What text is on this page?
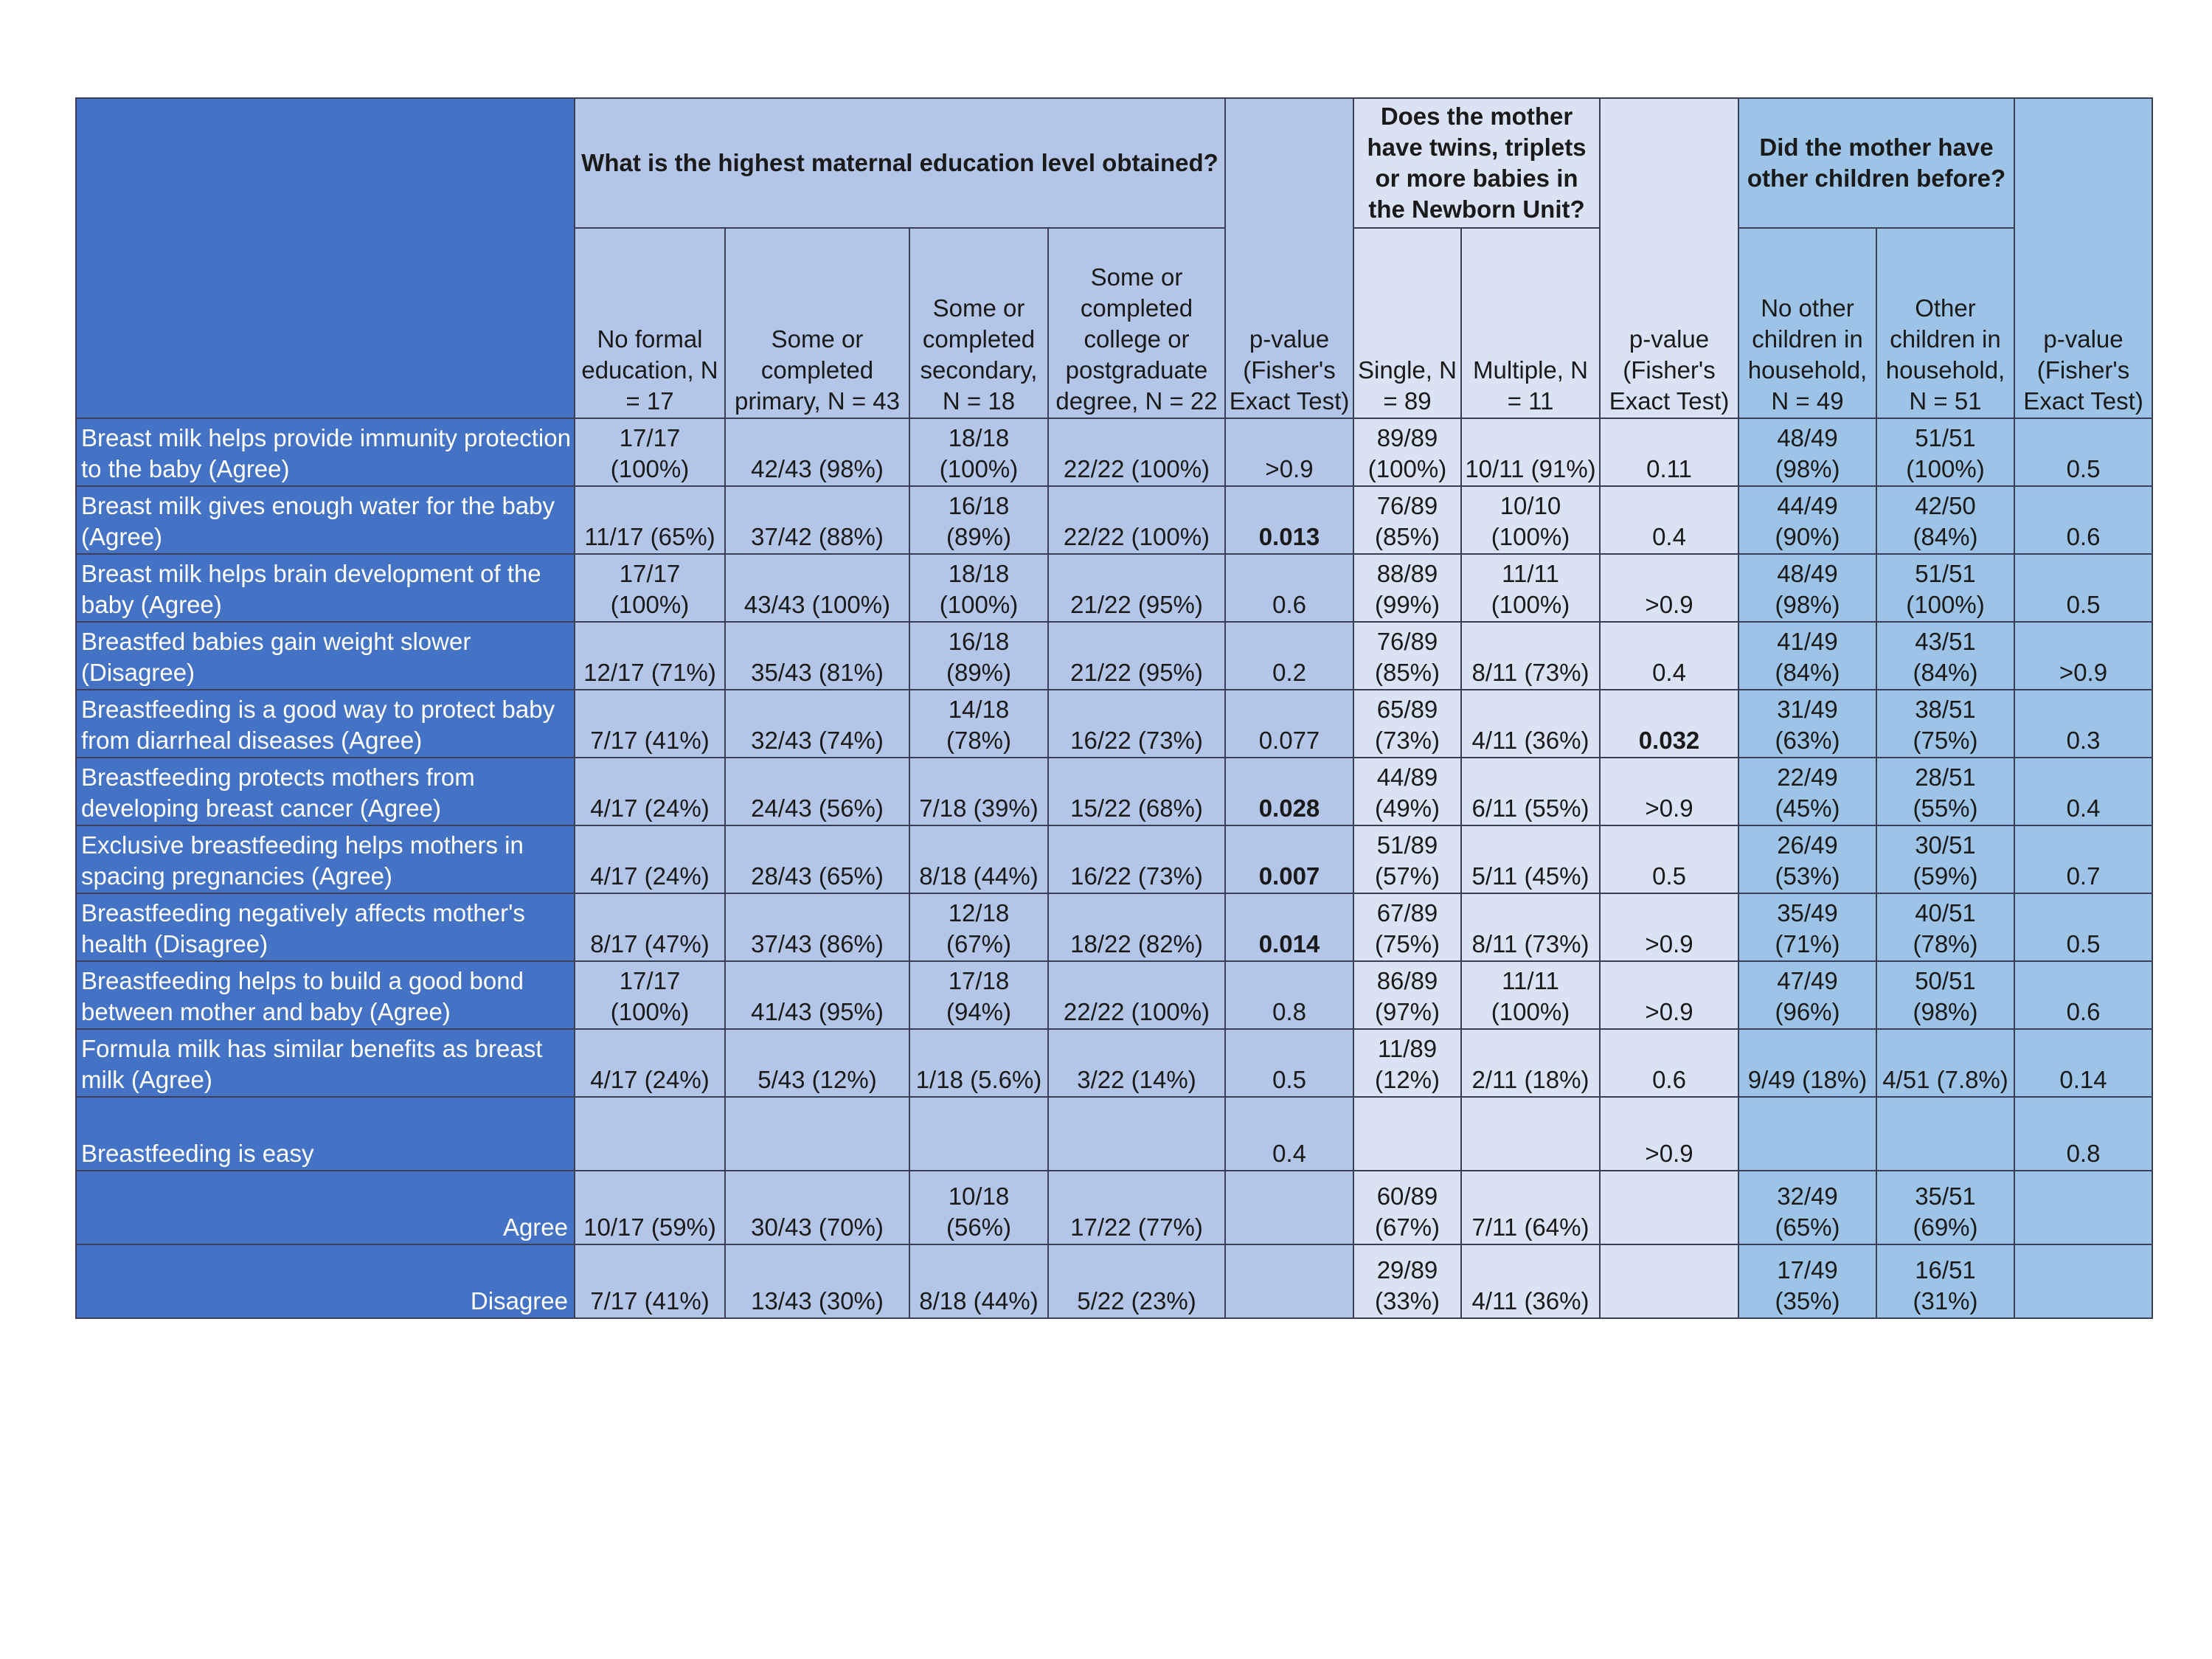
	What is the highest maternal education level obtained?				p-value (Fisher's Exact Test)	Does the mother have twins, triplets or more babies in the Newborn Unit?		p-value (Fisher's Exact Test)	Did the mother have other children before?		p-value (Fisher's Exact Test)
	No formal education, N = 17	Some or completed primary, N = 43	Some or completed secondary, N = 18	Some or completed college or postgraduate degree, N = 22		Single, N = 89	Multiple, N = 11		No other children in household, N = 49	Other children in household, N = 51	
Breast milk helps provide immunity protection to the baby (Agree)	17/17 (100%)	42/43 (98%)	18/18 (100%)	22/22 (100%)	>0.9	89/89 (100%)	10/11 (91%)	0.11	48/49 (98%)	51/51 (100%)	0.5
Breast milk gives enough water for the baby (Agree)	11/17 (65%)	37/42 (88%)	16/18 (89%)	22/22 (100%)	0.013	76/89 (85%)	10/10 (100%)	0.4	44/49 (90%)	42/50 (84%)	0.6
Breast milk helps brain development of the baby (Agree)	17/17 (100%)	43/43 (100%)	18/18 (100%)	21/22 (95%)	0.6	88/89 (99%)	11/11 (100%)	>0.9	48/49 (98%)	51/51 (100%)	0.5
Breastfed babies gain weight slower (Disagree)	12/17 (71%)	35/43 (81%)	16/18 (89%)	21/22 (95%)	0.2	76/89 (85%)	8/11 (73%)	0.4	41/49 (84%)	43/51 (84%)	>0.9
Breastfeeding is a good way to protect baby from diarrheal diseases (Agree)	7/17 (41%)	32/43 (74%)	14/18 (78%)	16/22 (73%)	0.077	65/89 (73%)	4/11 (36%)	0.032	31/49 (63%)	38/51 (75%)	0.3
Breastfeeding protects mothers from developing breast cancer (Agree)	4/17 (24%)	24/43 (56%)	7/18 (39%)	15/22 (68%)	0.028	44/89 (49%)	6/11 (55%)	>0.9	22/49 (45%)	28/51 (55%)	0.4
Exclusive breastfeeding helps mothers in spacing pregnancies (Agree)	4/17 (24%)	28/43 (65%)	8/18 (44%)	16/22 (73%)	0.007	51/89 (57%)	5/11 (45%)	0.5	26/49 (53%)	30/51 (59%)	0.7
Breastfeeding negatively affects mother's health (Disagree)	8/17 (47%)	37/43 (86%)	12/18 (67%)	18/22 (82%)	0.014	67/89 (75%)	8/11 (73%)	>0.9	35/49 (71%)	40/51 (78%)	0.5
Breastfeeding helps to build a good bond between mother and baby (Agree)	17/17 (100%)	41/43 (95%)	17/18 (94%)	22/22 (100%)	0.8	86/89 (97%)	11/11 (100%)	>0.9	47/49 (96%)	50/51 (98%)	0.6
Formula milk has similar benefits as breast milk (Agree)	4/17 (24%)	5/43 (12%)	1/18 (5.6%)	3/22 (14%)	0.5	11/89 (12%)	2/11 (18%)	0.6	9/49 (18%)	4/51 (7.8%)	0.14
Breastfeeding is easy					0.4			>0.9			0.8
Agree	10/17 (59%)	30/43 (70%)	10/18 (56%)	17/22 (77%)		60/89 (67%)	7/11 (64%)		32/49 (65%)	35/51 (69%)	
Disagree	7/17 (41%)	13/43 (30%)	8/18 (44%)	5/22 (23%)		29/89 (33%)	4/11 (36%)		17/49 (35%)	16/51 (31%)	
